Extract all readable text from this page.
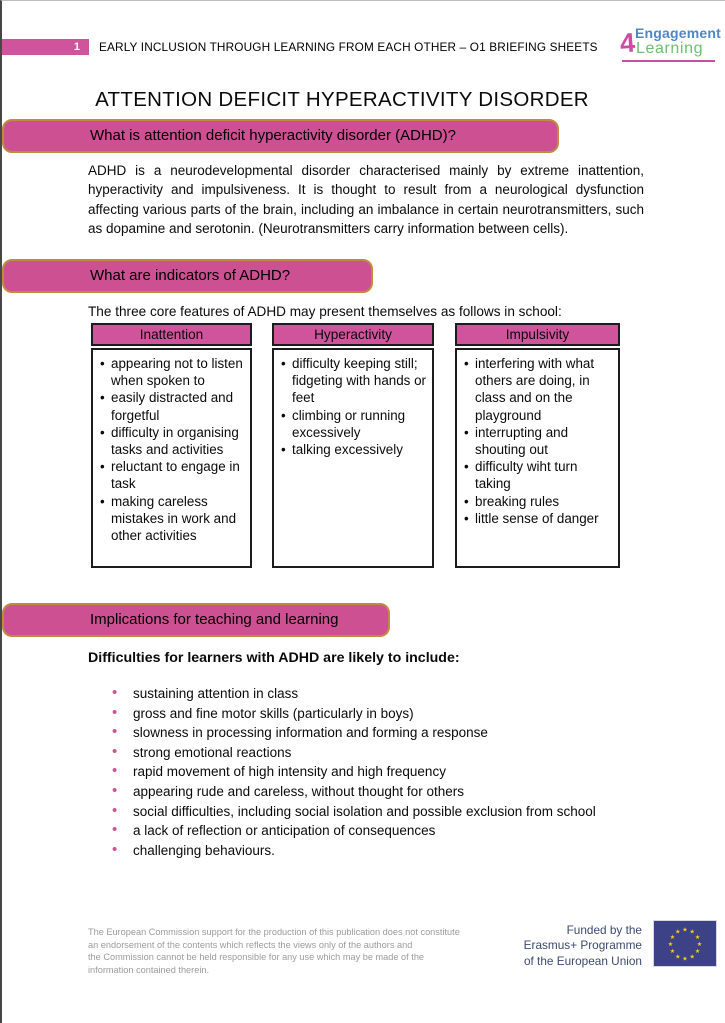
1	EARLY INCLUSION THROUGH LEARNING FROM EACH OTHER – O1 BRIEFING SHEETS
Engagement
4 Learning
ATTENTION DEFICIT HYPERACTIVITY DISORDER
What is attention deficit hyperactivity disorder (ADHD)?
ADHD is a neurodevelopmental disorder characterised mainly by extreme inattention, hyperactivity and impulsiveness. It is thought to result from a neurological dysfunction affecting various parts of the brain, including an imbalance in certain neurotransmitters, such as dopamine and serotonin. (Neurotransmitters carry information between cells).
What are indicators of ADHD?
The three core features of ADHD may present themselves as follows in school:
Inattention
• appearing not to listen when spoken to
• easily distracted and forgetful
• difficulty in organising tasks and activities
• reluctant to engage in task
• making careless mistakes in work and other activities
Hyperactivity
• difficulty keeping still; fidgeting with hands or feet
• climbing or running excessively
• talking excessively
Impulsivity
• interfering with what others are doing, in class and on the playground
• interrupting and shouting out
• difficulty wiht turn taking
• breaking rules
• little sense of danger
Implications for teaching and learning
Difficulties for learners with ADHD are likely to include:
• sustaining attention in class
• gross and fine motor skills (particularly in boys)
• slowness in processing information and forming a response
• strong emotional reactions
• rapid movement of high intensity and high frequency
• appearing rude and careless, without thought for others
• social difficulties, including social isolation and possible exclusion from school
• a lack of reflection or anticipation of consequences
• challenging behaviours.
The European Commission support for the production of this publication does not constitute
an endorsement of the contents which reflects the views only of the authors and
the Commission cannot be held responsible for any use which may be made of the
information contained therein.
Funded by the
Erasmus+ Programme
of the European Union
★ ★
★
★
★
★
★
★
★
★
★
★
